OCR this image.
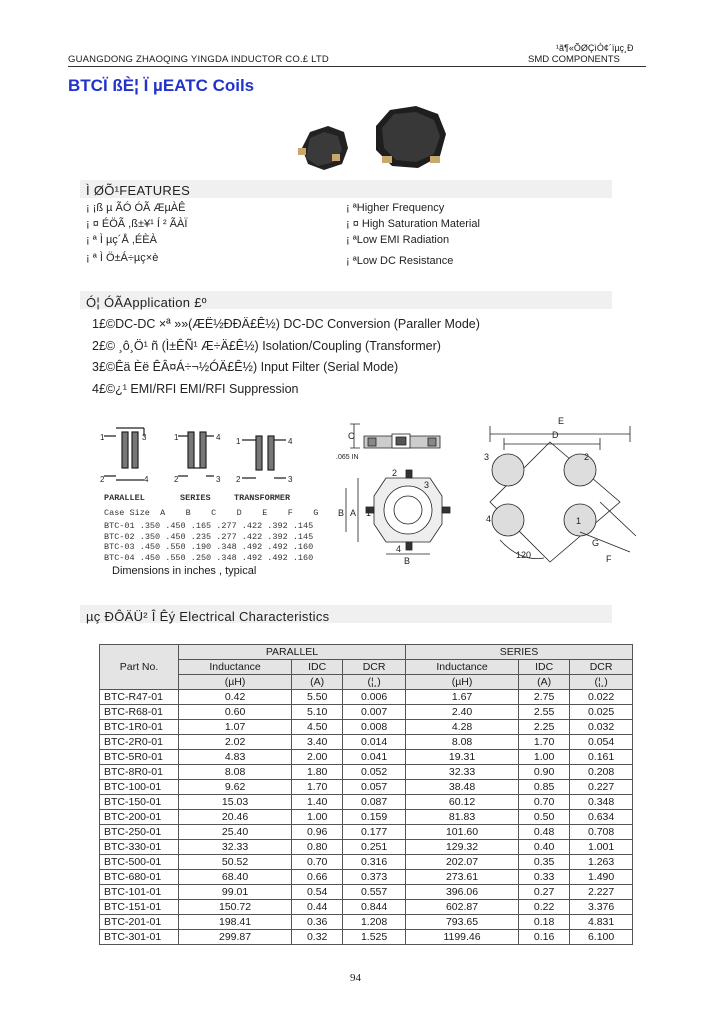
GUANGDONG ZHAOQING YINGDA INDUCTOR CO.£ LTD
¹ã¶«ÕØÇìÓ¢´ïµç¸Ð
SMD COMPONENTS
BTCÏ ßÈ¦ Ï µEATC Coils
Ì ØÕ¹FEATURES
¡ ¡ß µ ÃÓ ÓÃ ÆµÀÊ
¡ ¤ ÉÖÃ ,ß±¥¹ Í ² ÃÀÏ
¡ ª Ì µç´Å ,ÉÈÀ
¡ ª Ì Ö±Á÷µç×è
¡ ªHigher Frequency
¡ ¤ High Saturation Material
¡ ªLow EMI Radiation
¡ ªLow DC Resistance
Ó¦ ÓÃApplication £º
1£©DC-DC ×ª »»(ÆË½ÐÐÄ£Ê½) DC-DC Conversion (Paraller Mode)
2£© ¸ô¸Ö¹ ñ (Ì±ÊÑ¹ Æ÷Ä£Ê½) Isolation/Coupling (Transformer)
3£©Êä Èë ÊÂ¤Á÷¬½ÓÄ£Ê½) Input Filter (Serial Mode)
4£©¿¹ EMI/RFI EMI/RFI Suppression
1
2
3
4
1
2
4
3
1
2
4
3
PARALLEL	SERIES	TRANSFORMER
Case Size A B C D E F G
BTC-01 .350 .450 .165 .277 .422 .392 .145
BTC-02 .350 .450 .235 .277 .422 .392 .145
BTC-03 .450 .550 .190 .348 .492 .492 .160
BTC-04 .450 .550 .250 .348 .492 .492 .160
Dimensions in inches , typical
C
.065 IN
2
3
A
B 1
4
B
E
D
3	2
4	1
G
F
120
µç ÐÔÄÜ² Î Êý Electrical Characteristics
Part No.	PARALLEL			SERIES		
	Inductance	IDC	DCR	Inductance	IDC	DCR
	(µH)	(A)	(¦¸)	(µH)	(A)	(¦¸)
BTC-R47-01	0.42	5.50	0.006	1.67	2.75	0.022
BTC-R68-01	0.60	5.10	0.007	2.40	2.55	0.025
BTC-1R0-01	1.07	4.50	0.008	4.28	2.25	0.032
BTC-2R0-01	2.02	3.40	0.014	8.08	1.70	0.054
BTC-5R0-01	4.83	2.00	0.041	19.31	1.00	0.161
BTC-8R0-01	8.08	1.80	0.052	32.33	0.90	0.208
BTC-100-01	9.62	1.70	0.057	38.48	0.85	0.227
BTC-150-01	15.03	1.40	0.087	60.12	0.70	0.348
BTC-200-01	20.46	1.00	0.159	81.83	0.50	0.634
BTC-250-01	25.40	0.96	0.177	101.60	0.48	0.708
BTC-330-01	32.33	0.80	0.251	129.32	0.40	1.001
BTC-500-01	50.52	0.70	0.316	202.07	0.35	1.263
BTC-680-01	68.40	0.66	0.373	273.61	0.33	1.490
BTC-101-01	99.01	0.54	0.557	396.06	0.27	2.227
BTC-151-01	150.72	0.44	0.844	602.87	0.22	3.376
BTC-201-01	198.41	0.36	1.208	793.65	0.18	4.831
BTC-301-01	299.87	0.32	1.525	1199.46	0.16	6.100
94
